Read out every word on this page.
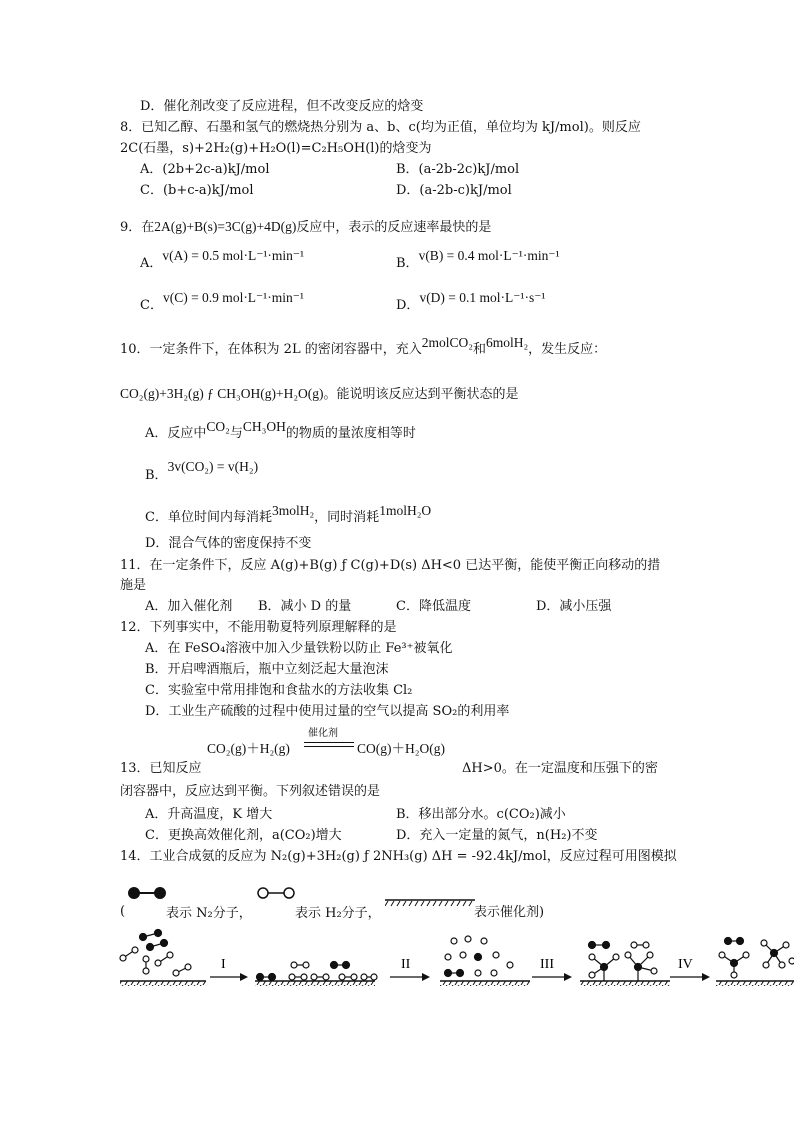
D．催化剂改变了反应进程，但不改变反应的焓变
8．已知乙醇、石墨和氢气的燃烧热分别为 a、b、c(均为正值，单位均为 kJ/mol)。则反应
2C(石墨，s)+2H₂(g)+H₂O(l)=C₂H₅OH(l)的焓变为
A．(2b+2c-a)kJ/mol	B．(a-2b-2c)kJ/mol
C．(b+c-a)kJ/mol	D．(a-2b-c)kJ/mol
9．在2A(g)+B(s)=3C(g)+4D(g)反应中，表示的反应速率最快的是
A．v(A) = 0.5 mol·L⁻¹·min⁻¹
B．v(B) = 0.4 mol·L⁻¹·min⁻¹
C．v(C) = 0.9 mol·L⁻¹·min⁻¹
D．v(D) = 0.1 mol·L⁻¹·s⁻¹
10．一定条件下，在体积为 2L 的密闭容器中，充入2molCO₂和6molH₂，发生反应：
CO₂(g)+3H₂(g) ƒ CH₃OH(g)+H₂O(g)。能说明该反应达到平衡状态的是
A．反应中CO₂与CH₃OH的物质的量浓度相等时
B．3v(CO₂) = v(H₂)
C．单位时间内每消耗3molH₂，同时消耗1molH₂O
D．混合气体的密度保持不变
11．在一定条件下，反应 A(g)+B(g) ƒ C(g)+D(s) ΔH<0 已达平衡，能使平衡正向移动的措
施是
A．加入催化剂 B．减小 D 的量	C．降低温度	D．减小压强
12．下列事实中，不能用勒夏特列原理解释的是
A．在 FeSO₄溶液中加入少量铁粉以防止 Fe³⁺被氧化
B．开启啤酒瓶后，瓶中立刻泛起大量泡沫
C．实验室中常用排饱和食盐水的方法收集 Cl₂
D．工业生产硫酸的过程中使用过量的空气以提高 SO₂的利用率
CO₂(g)＋H₂(g)
催化剂
CO(g)＋H₂O(g)
13．已知反应	ΔH>0。在一定温度和压强下的密
闭容器中，反应达到平衡。下列叙述错误的是
A．升高温度，K 增大	B．移出部分水。c(CO₂)减小
C．更换高效催化剂，a(CO₂)增大	D．充入一定量的氮气，n(H₂)不变
14．工业合成氨的反应为 N₂(g)+3H₂(g) ƒ 2NH₃(g) ΔH = -92.4kJ/mol，反应过程可用图模拟
(	表示 N₂分子，	表示 H₂分子，	表示催化剂)
I	II	III	IV
